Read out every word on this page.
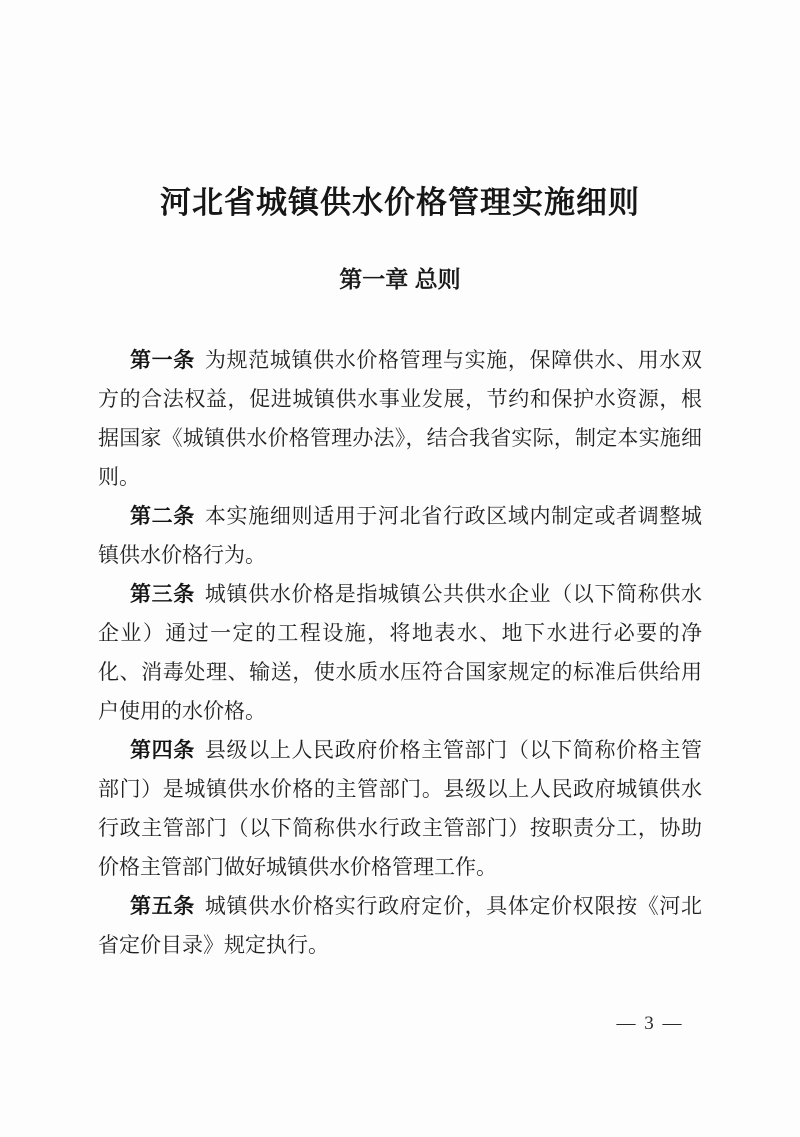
河北省城镇供水价格管理实施细则
第一章 总则

第一条 为规范城镇供水价格管理与实施，保障供水、用水双方的合法权益，促进城镇供水事业发展，节约和保护水资源，根据国家《城镇供水价格管理办法》，结合我省实际，制定本实施细则。

第二条 本实施细则适用于河北省行政区域内制定或者调整城镇供水价格行为。

第三条 城镇供水价格是指城镇公共供水企业（以下简称供水企业）通过一定的工程设施，将地表水、地下水进行必要的净化、消毒处理、输送，使水质水压符合国家规定的标准后供给用户使用的水价格。

第四条 县级以上人民政府价格主管部门（以下简称价格主管部门）是城镇供水价格的主管部门。县级以上人民政府城镇供水行政主管部门（以下简称供水行政主管部门）按职责分工，协助价格主管部门做好城镇供水价格管理工作。

第五条 城镇供水价格实行政府定价，具体定价权限按《河北省定价目录》规定执行。

— 3 —
